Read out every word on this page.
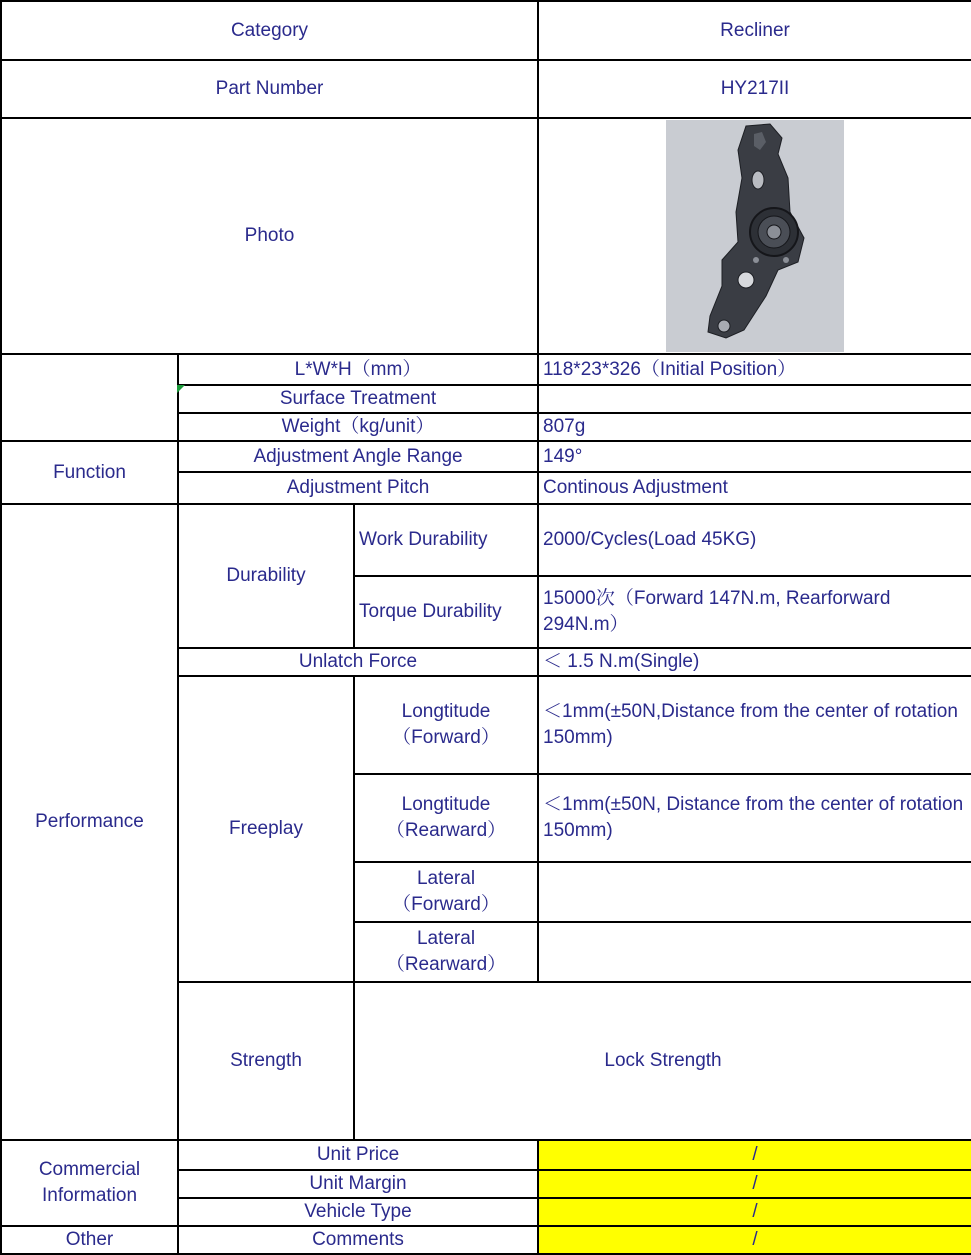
Category			Recliner	
Part Number			HY217II	
Photo	

	L*W*H（mm）		118*23*326（Initial Position）	
	Surface Treatment			
	Weight（kg/unit）		807g	
Function	Adjustment Angle Range		149°	
	Adjustment Pitch		Continous Adjustment	
Performance	Durability	Work Durability	2000/Cycles(Load 45KG)	
		Torque Durability	15000次（Forward 147N.m, Rearforward 294N.m）	
	Unlatch Force		＜ 1.5 N.m(Single)	
	Freeplay	Longtitude
（Forward）	＜1mm(±50N,Distance from the center of rotation 150mm)	
		Longtitude
（Rearward）	＜1mm(±50N, Distance from the center of rotation 150mm)	
		Lateral
（Forward）		
		Lateral
（Rearward）		
	Strength	Lock Strength	

Commercial
Information	Unit Price		/	
	Unit Margin		/	
	Vehicle Type		/	
Other	Comments		/	
